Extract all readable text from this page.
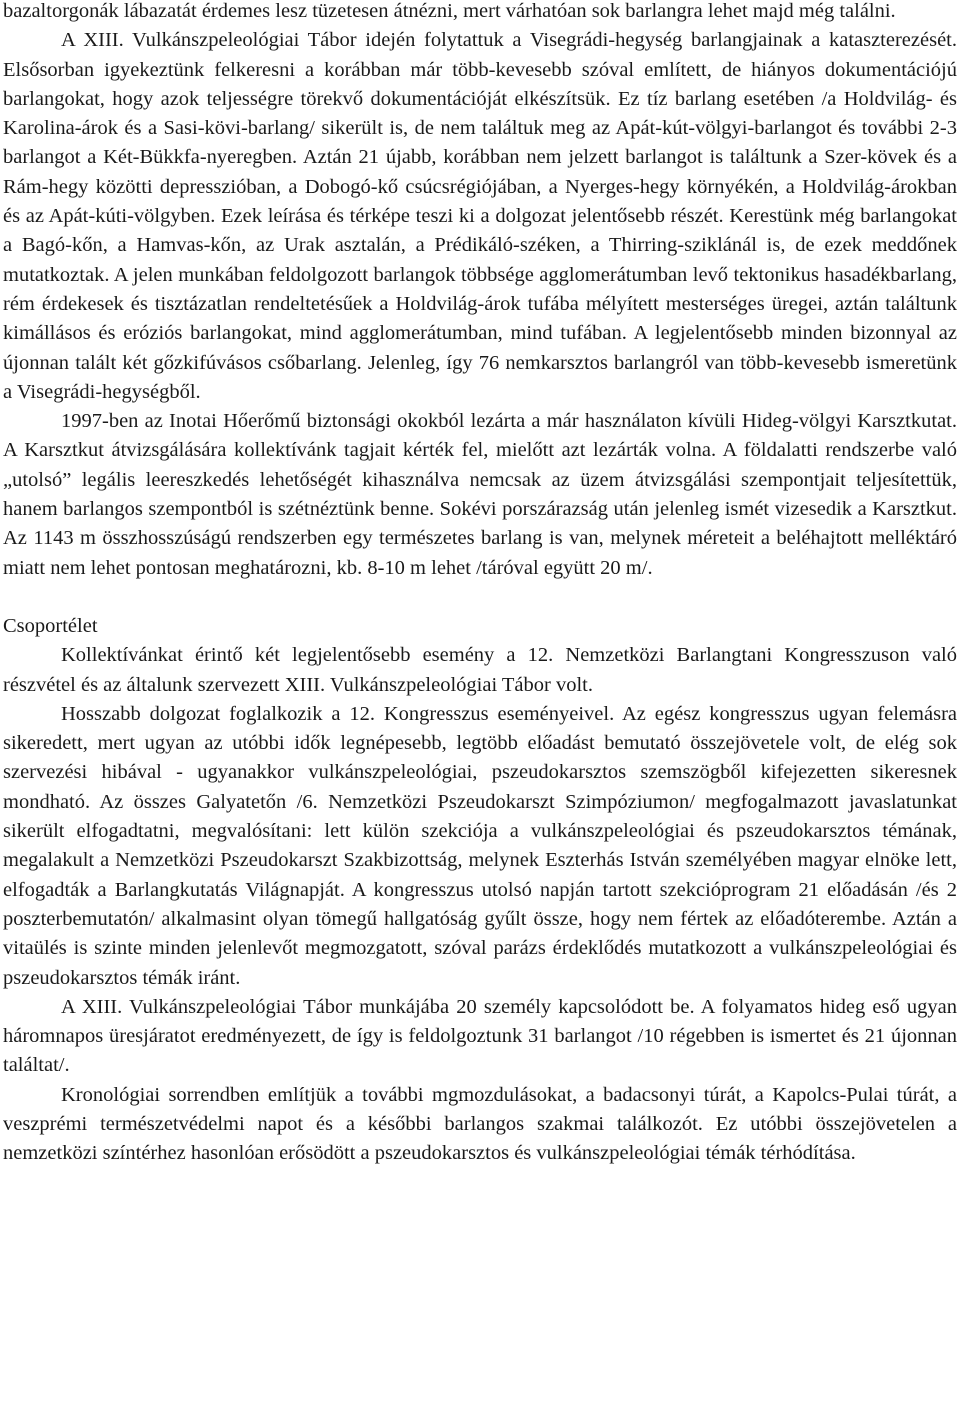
bazaltorgonák lábazatát érdemes lesz tüzetesen átnézni, mert várhatóan sok barlangra lehet majd még találni.

A XIII. Vulkánszpeleológiai Tábor idején folytattuk a Visegrádi-hegység barlangjainak a kataszterezését. Elsősorban igyekeztünk felkeresni a korábban már több-kevesebb szóval említett, de hiányos dokumentációjú barlangokat, hogy azok teljességre törekvő dokumentációját elkészítsük. Ez tíz barlang esetében /a Holdvilág- és Karolina-árok és a Sasi-kövi-barlang/ sikerült is, de nem találtuk meg az Apát-kút-völgyi-barlangot és további 2-3 barlangot a Két-Bükkfa-nyeregben. Aztán 21 újabb, korábban nem jelzett barlangot is találtunk a Szer-kövek és a Rám-hegy közötti depresszióban, a Dobogó-kő csúcsrégiójában, a Nyerges-hegy környékén, a Holdvilág-árokban és az Apát-kúti-völgyben. Ezek leírása és térképe teszi ki a dolgozat jelentősebb részét. Kerestünk még barlangokat a Bagó-kőn, a Hamvas-kőn, az Urak asztalán, a Prédikáló-széken, a Thirring-sziklánál is, de ezek meddőnek mutatkoztak. A jelen munkában feldolgozott barlangok többsége agglomerátumban levő tektonikus hasadékbarlang, rém érdekesek és tisztázatlan rendeltetésűek a Holdvilág-árok tufába mélyített mesterséges üregei, aztán találtunk kimállásos és eróziós barlangokat, mind agglomerátumban, mind tufában. A legjelentősebb minden bizonnyal az újonnan talált két gőzkifúvásos csőbarlang. Jelenleg, így 76 nemkarsztos barlangról van több-kevesebb ismeretünk a Visegrádi-hegységből.

1997-ben az Inotai Hőerőmű biztonsági okokból lezárta a már használaton kívüli Hideg-völgyi Karsztkutat. A Karsztkut átvizsgálására kollektívánk tagjait kérték fel, mielőtt azt lezárták volna. A földalatti rendszerbe való „utolsó” legális leereszkedés lehetőségét kihasználva nemcsak az üzem átvizsgálási szempontjait teljesítettük, hanem barlangos szempontból is szétnéztünk benne. Sokévi porszárazság után jelenleg ismét vizesedik a Karsztkut. Az 1143 m összhosszúságú rendszerben egy természetes barlang is van, melynek méreteit a beléhajtott melléktáró miatt nem lehet pontosan meghatározni, kb. 8-10 m lehet /táróval együtt 20 m/.

Csoportélet

Kollektívánkat érintő két legjelentősebb esemény a 12. Nemzetközi Barlangtani Kongresszuson való részvétel és az általunk szervezett XIII. Vulkánszpeleológiai Tábor volt.

Hosszabb dolgozat foglalkozik a 12. Kongresszus eseményeivel. Az egész kongresszus ugyan felemásra sikeredett, mert ugyan az utóbbi idők legnépesebb, legtöbb előadást bemutató összejövetele volt, de elég sok szervezési hibával - ugyanakkor vulkánszpeleológiai, pszeudokarsztos szemszögből kifejezetten sikeresnek mondható. Az összes Galyatetőn /6. Nemzetközi Pszeudokarszt Szimpóziumon/ megfogalmazott javaslatunkat sikerült elfogadtatni, megvalósítani: lett külön szekciója a vulkánszpeleológiai és pszeudokarsztos témának, megalakult a Nemzetközi Pszeudokarszt Szakbizottság, melynek Eszterhás István személyében magyar elnöke lett, elfogadták a Barlangkutatás Világnapját. A kongresszus utolsó napján tartott szekcióprogram 21 előadásán /és 2 poszterbemutatón/ alkalmasint olyan tömegű hallgatóság gyűlt össze, hogy nem fértek az előadóterembe. Aztán a vitaülés is szinte minden jelenlevőt megmozgatott, szóval parázs érdeklődés mutatkozott a vulkánszpeleológiai és pszeudokarsztos témák iránt.

A XIII. Vulkánszpeleológiai Tábor munkájába 20 személy kapcsolódott be. A folyamatos hideg eső ugyan háromnapos üresjáratot eredményezett, de így is feldolgoztunk 31 barlangot /10 régebben is ismertet és 21 újonnan találtat/.

Kronológiai sorrendben említjük a további mgmozdulásokat, a badacsonyi túrát, a Kapolcs-Pulai túrát, a veszprémi természetvédelmi napot és a későbbi barlangos szakmai találkozót. Ez utóbbi összejövetelen a nemzetközi színtérhez hasonlóan erősödött a pszeudokarsztos és vulkánszpeleológiai témák térhódítása.
